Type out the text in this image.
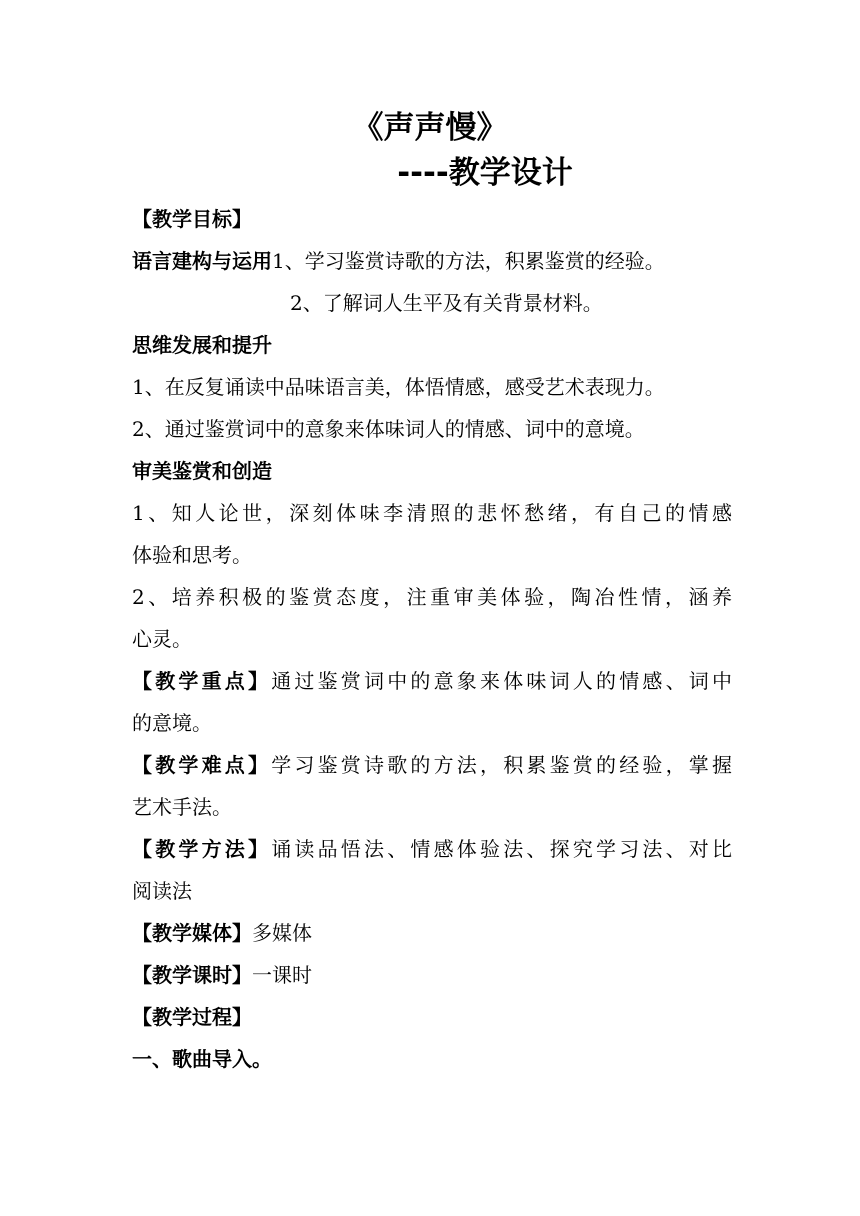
《声声慢》
----教学设计
【教学目标】
语言建构与运用1、学习鉴赏诗歌的方法，积累鉴赏的经验。
2、了解词人生平及有关背景材料。
思维发展和提升
1、在反复诵读中品味语言美，体悟情感，感受艺术表现力。
2、通过鉴赏词中的意象来体味词人的情感、词中的意境。
审美鉴赏和创造
1、知人论世，深刻体味李清照的悲怀愁绪，有自己的情感
体验和思考。
2、培养积极的鉴赏态度，注重审美体验，陶冶性情，涵养
心灵。
【教学重点】通过鉴赏词中的意象来体味词人的情感、词中
的意境。
【教学难点】学习鉴赏诗歌的方法，积累鉴赏的经验，掌握
艺术手法。
【教学方法】诵读品悟法、情感体验法、探究学习法、对比
阅读法
【教学媒体】多媒体
【教学课时】一课时
【教学过程】
一、歌曲导入。
